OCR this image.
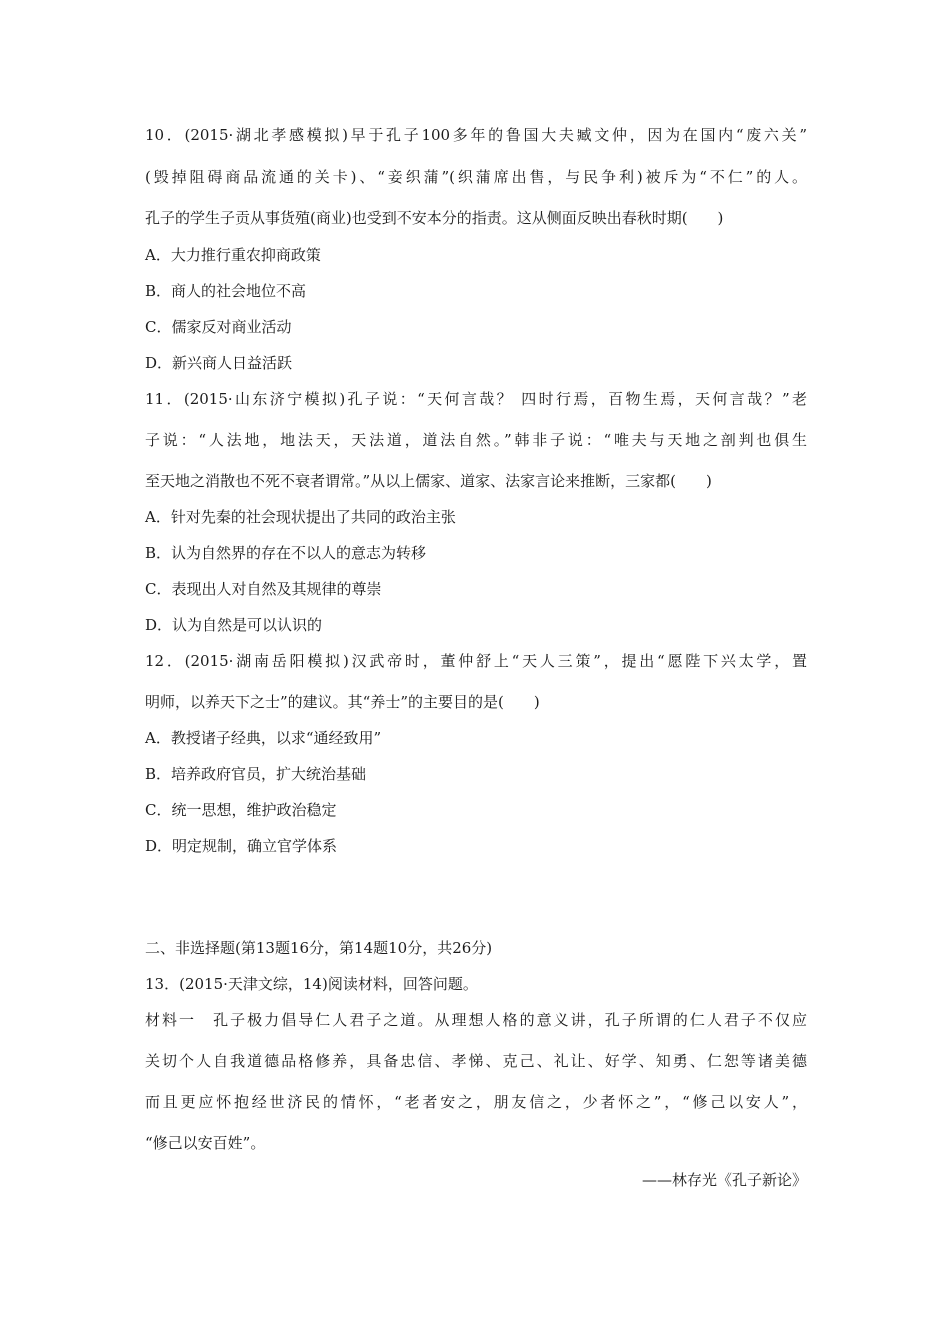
10．(2015·湖北孝感模拟)早于孔子100多年的鲁国大夫臧文仲，因为在国内“废六关”
(毁掉阻碍商品流通的关卡)、“妾织蒲”(织蒲席出售，与民争利)被斥为“不仁”的人。
孔子的学生子贡从事货殖(商业)也受到不安本分的指责。这从侧面反映出春秋时期(　　)
A．大力推行重农抑商政策
B．商人的社会地位不高
C．儒家反对商业活动
D．新兴商人日益活跃
11．(2015·山东济宁模拟)孔子说：“天何言哉？ 四时行焉，百物生焉，天何言哉？”老
子说：“人法地，地法天，天法道，道法自然。”韩非子说：“唯夫与天地之剖判也俱生
至天地之消散也不死不衰者谓常。”从以上儒家、道家、法家言论来推断，三家都(　　)
A．针对先秦的社会现状提出了共同的政治主张
B．认为自然界的存在不以人的意志为转移
C．表现出人对自然及其规律的尊崇
D．认为自然是可以认识的
12．(2015·湖南岳阳模拟)汉武帝时，董仲舒上“天人三策”，提出“愿陛下兴太学，置
明师，以养天下之士”的建议。其“养士”的主要目的是(　　)
A．教授诸子经典，以求“通经致用”
B．培养政府官员，扩大统治基础
C．统一思想，维护政治稳定
D．明定规制，确立官学体系
二、非选择题(第13题16分，第14题10分，共26分)
13．(2015·天津文综，14)阅读材料，回答问题。
材料一　孔子极力倡导仁人君子之道。从理想人格的意义讲，孔子所谓的仁人君子不仅应
关切个人自我道德品格修养，具备忠信、孝悌、克己、礼让、好学、知勇、仁恕等诸美德
而且更应怀抱经世济民的情怀，“老者安之，朋友信之，少者怀之”，“修己以安人”，
“修己以安百姓”。
——林存光《孔子新论》
